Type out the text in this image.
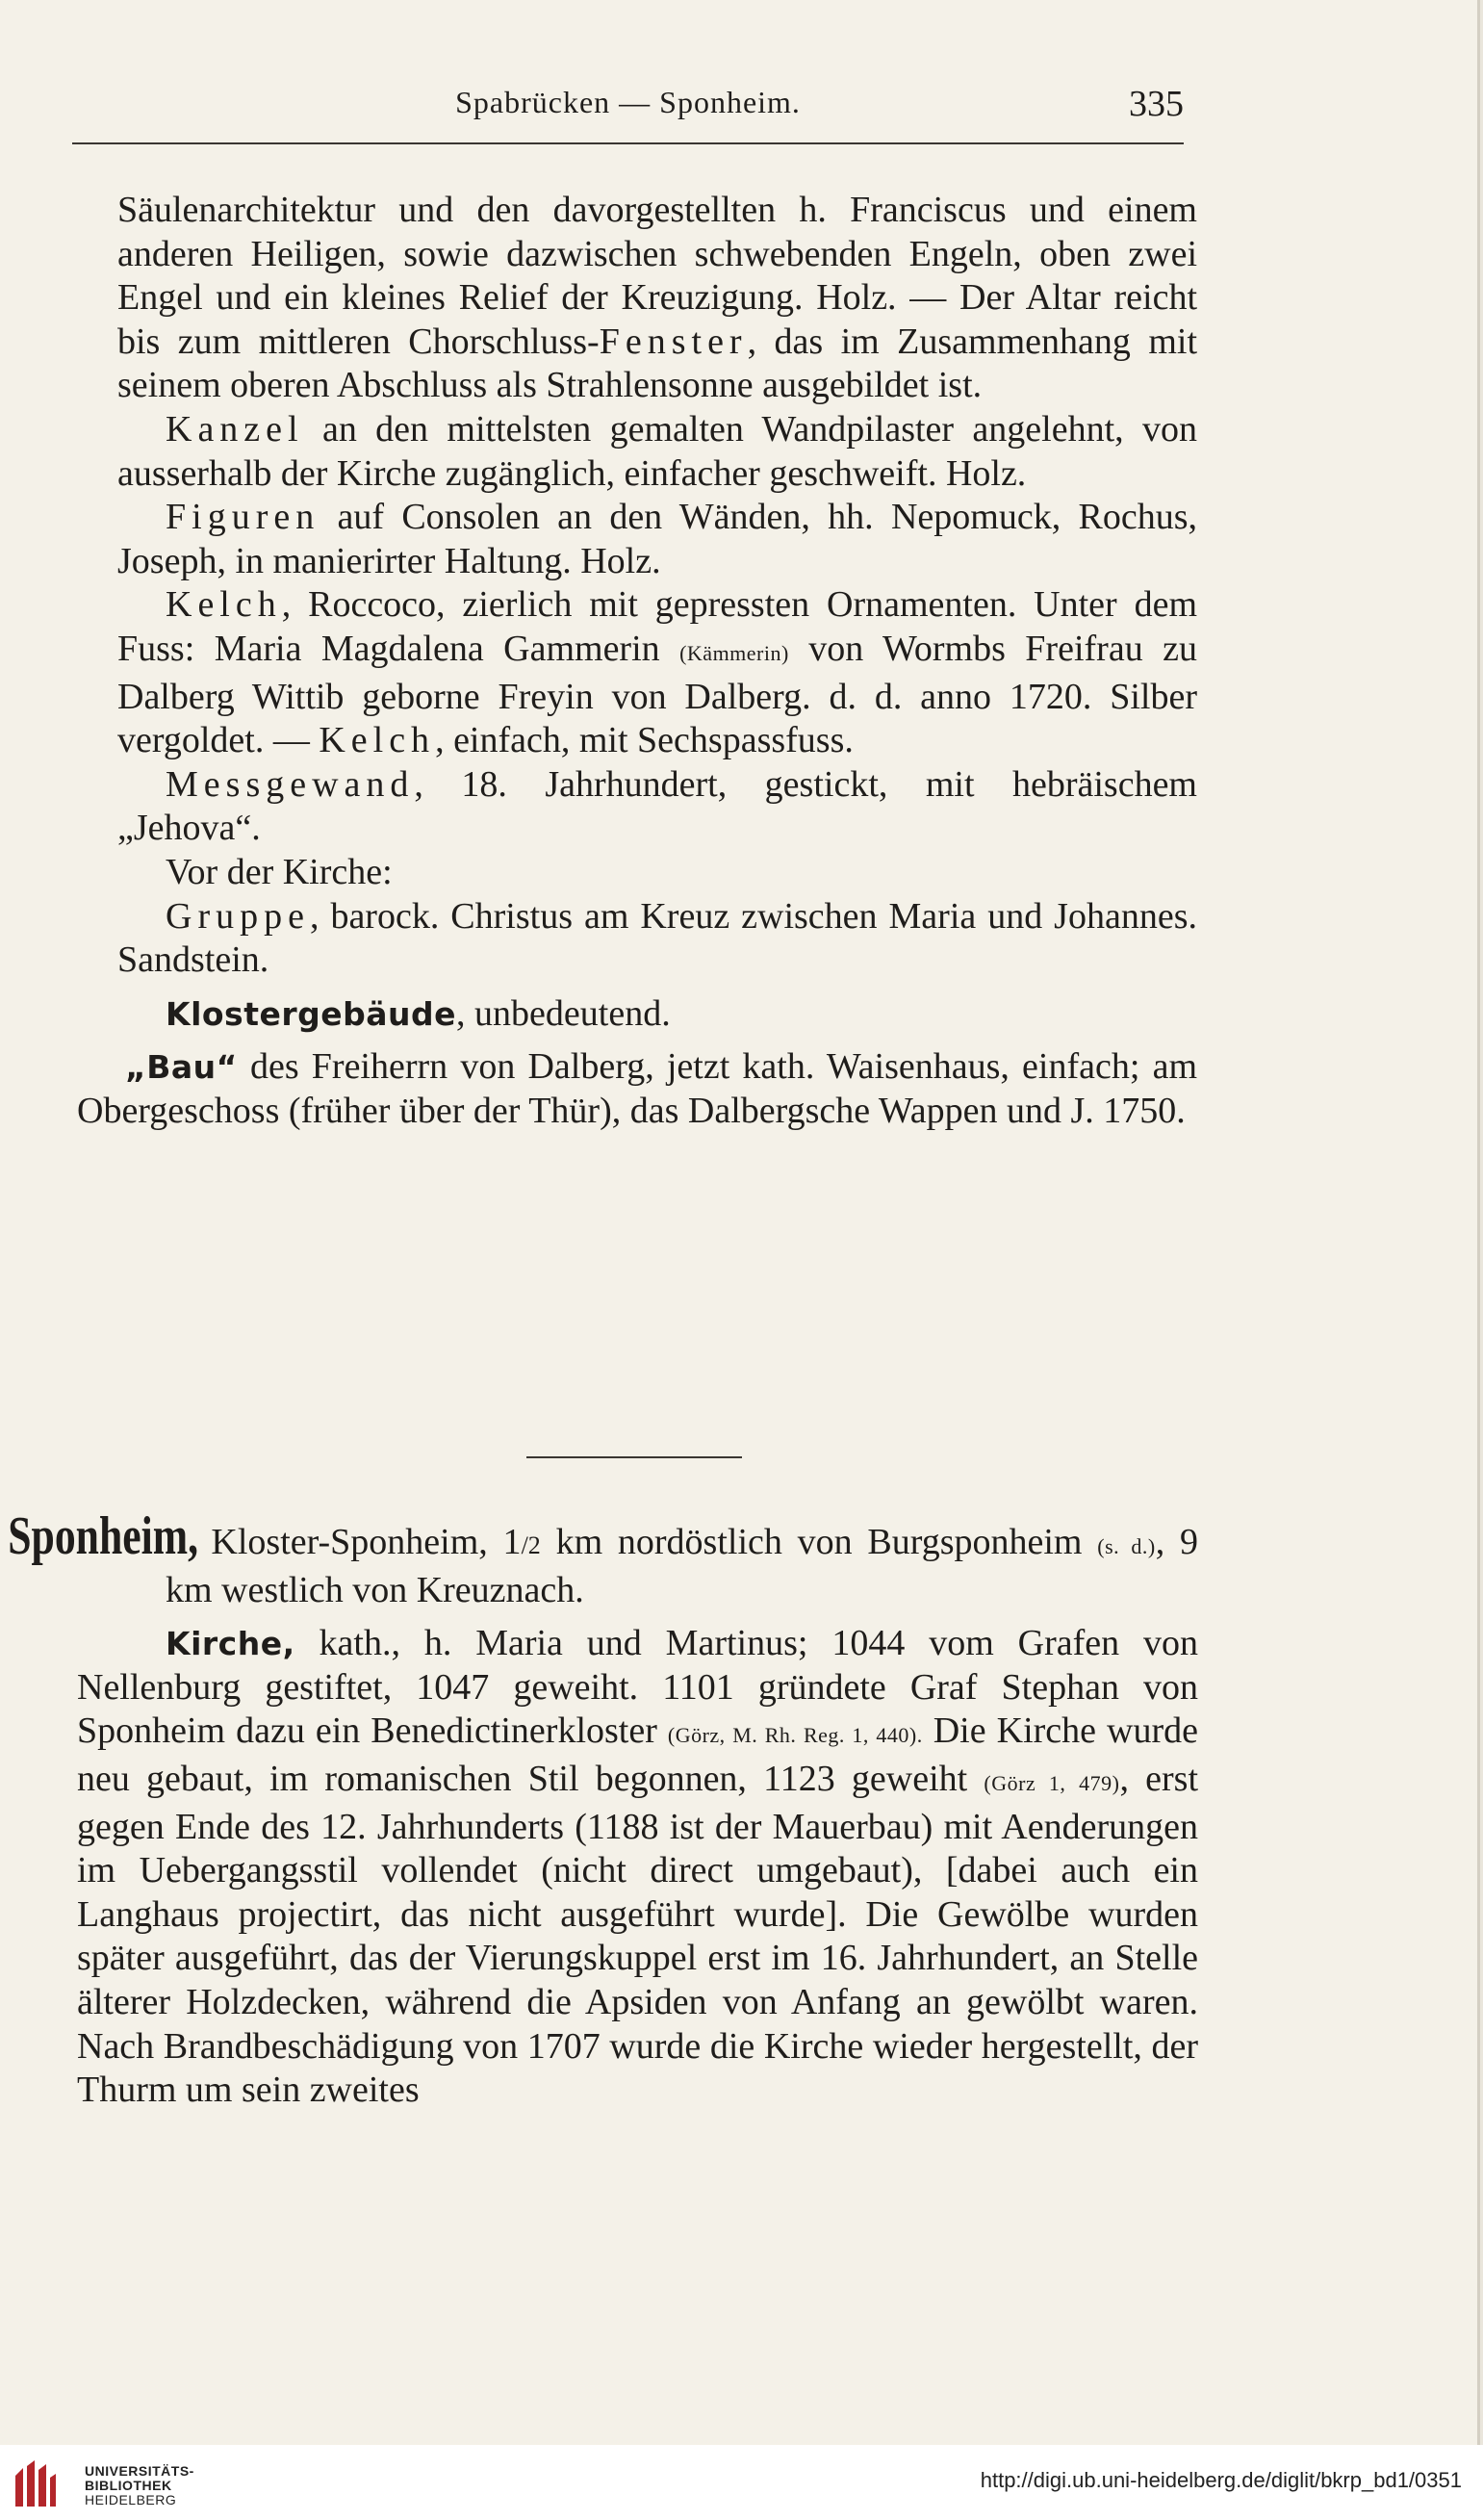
Spabrücken — Sponheim.	335

Säulenarchitektur und den davorgestellten h. Franciscus und einem anderen Heiligen, sowie dazwischen schwebenden Engeln, oben zwei Engel und ein kleines Relief der Kreuzigung. Holz. — Der Altar reicht bis zum mittleren Chorschluss-Fenster, das im Zusammenhang mit seinem oberen Abschluss als Strahlensonne ausgebildet ist.

Kanzel an den mittelsten gemalten Wandpilaster angelehnt, von ausserhalb der Kirche zugänglich, einfacher geschweift. Holz.

Figuren auf Consolen an den Wänden, hh. Nepomuck, Rochus, Joseph, in manierirter Haltung. Holz.

Kelch, Roccoco, zierlich mit gepressten Ornamenten. Unter dem Fuss: Maria Magdalena Gammerin (Kämmerin) von Wormbs Freifrau zu Dalberg Wittib geborne Freyin von Dalberg. d. d. anno 1720. Silber vergoldet. — Kelch, einfach, mit Sechspassfuss.

Messgewand, 18. Jahrhundert, gestickt, mit hebräischem „Jehova“.

Vor der Kirche:

Gruppe, barock. Christus am Kreuz zwischen Maria und Johannes. Sandstein.

Klostergebäude, unbedeutend.

„Bau“ des Freiherrn von Dalberg, jetzt kath. Waisenhaus, einfach; am Obergeschoss (früher über der Thür), das Dalbergsche Wappen und J. 1750.

Sponheim, Kloster-Sponheim, 1/2 km nordöstlich von Burgsponheim (s. d.), 9 km westlich von Kreuznach.

Kirche, kath., h. Maria und Martinus; 1044 vom Grafen von Nellenburg gestiftet, 1047 geweiht. 1101 gründete Graf Stephan von Sponheim dazu ein Benedictinerkloster (Görz, M. Rh. Reg. 1, 440). Die Kirche wurde neu gebaut, im romanischen Stil begonnen, 1123 geweiht (Görz 1, 479), erst gegen Ende des 12. Jahrhunderts (1188 ist der Mauerbau) mit Aenderungen im Uebergangsstil vollendet (nicht direct umgebaut), [dabei auch ein Langhaus projectirt, das nicht ausgeführt wurde]. Die Gewölbe wurden später ausgeführt, das der Vierungskuppel erst im 16. Jahrhundert, an Stelle älterer Holzdecken, während die Apsiden von Anfang an gewölbt waren. Nach Brandbeschädigung von 1707 wurde die Kirche wieder hergestellt, der Thurm um sein zweites

UNIVERSITÄTS-
BIBLIOTHEK
HEIDELBERG
http://digi.ub.uni-heidelberg.de/diglit/bkrp_bd1/0351
